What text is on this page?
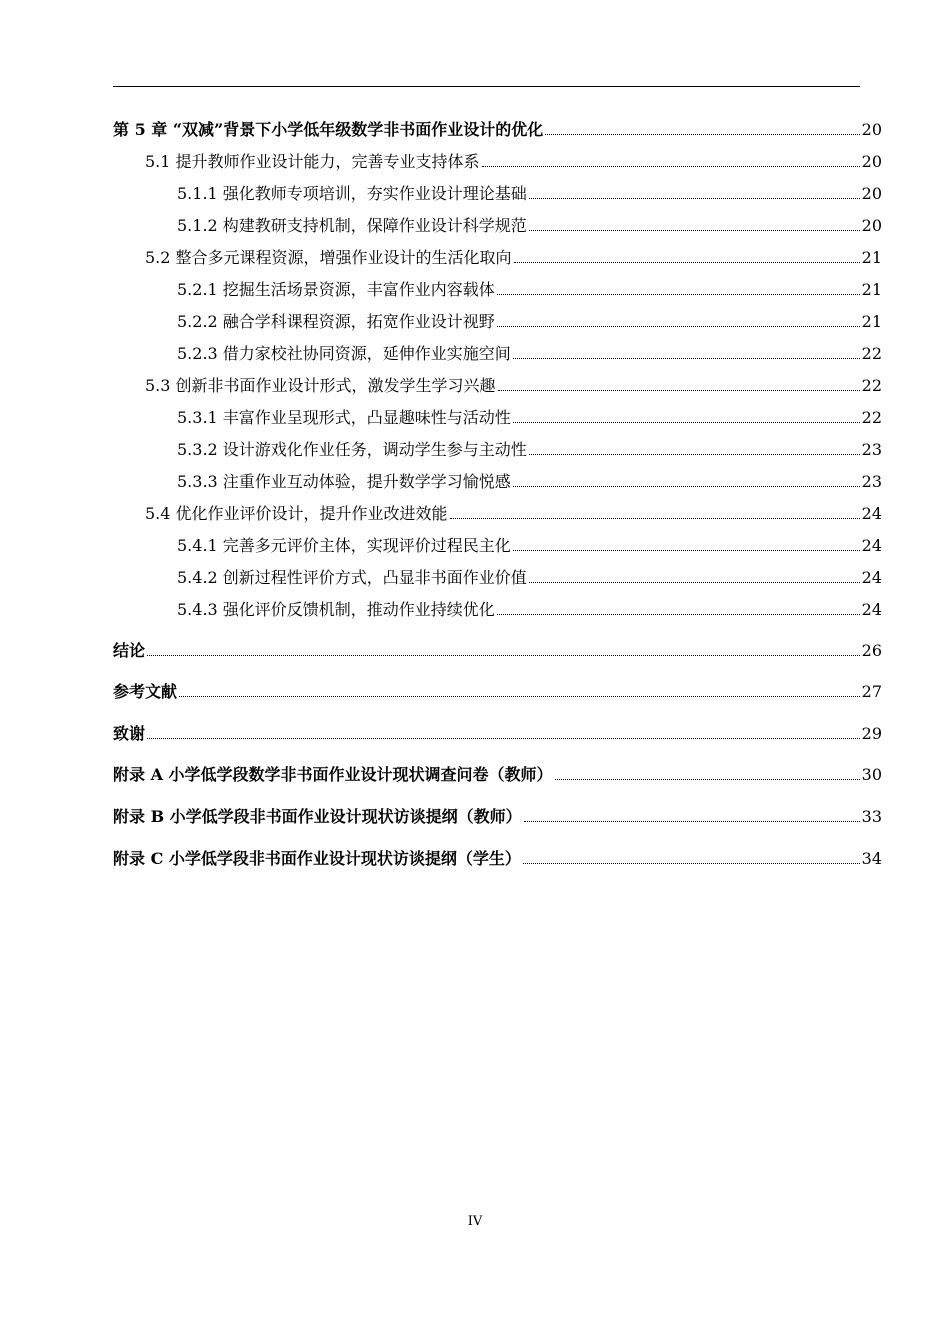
第 5 章 “双减”背景下小学低年级数学非书面作业设计的优化	20
5.1 提升教师作业设计能力，完善专业支持体系	20
5.1.1 强化教师专项培训，夯实作业设计理论基础	20
5.1.2 构建教研支持机制，保障作业设计科学规范	20
5.2 整合多元课程资源，增强作业设计的生活化取向	21
5.2.1 挖掘生活场景资源，丰富作业内容载体	21
5.2.2 融合学科课程资源，拓宽作业设计视野	21
5.2.3 借力家校社协同资源，延伸作业实施空间	22
5.3 创新非书面作业设计形式，激发学生学习兴趣	22
5.3.1 丰富作业呈现形式，凸显趣味性与活动性	22
5.3.2 设计游戏化作业任务，调动学生参与主动性	23
5.3.3 注重作业互动体验，提升数学学习愉悦感	23
5.4 优化作业评价设计，提升作业改进效能	24
5.4.1 完善多元评价主体，实现评价过程民主化	24
5.4.2 创新过程性评价方式，凸显非书面作业价值	24
5.4.3 强化评价反馈机制，推动作业持续优化	24
结论	26
参考文献	27
致谢	29
附录 A 小学低学段数学非书面作业设计现状调查问卷（教师）	30
附录 B 小学低学段非书面作业设计现状访谈提纲（教师）	33
附录 C 小学低学段非书面作业设计现状访谈提纲（学生）	34
IV
